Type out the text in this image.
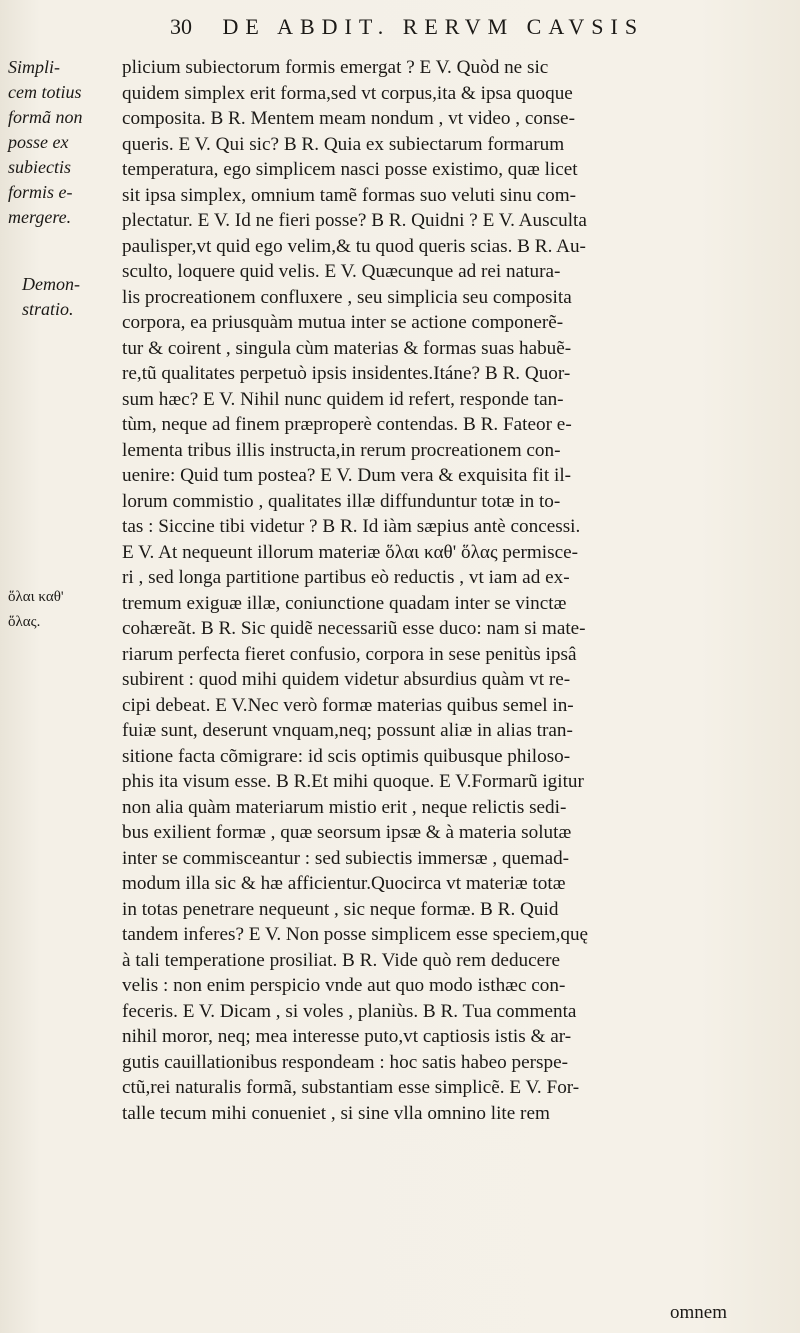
30 DE ABDIT. RERVM CAVSIS
Simpli-
cem totius
formã non
posse ex
subiectis
formis e-
mergere.
Demon-
stratio.
ὅλαι καθ'
ὅλας.
plicium subiectorum formis emergat ? E V. Quòd ne sic
quidem simplex erit forma,sed vt corpus,ita & ipsa quoque
composita. B R. Mentem meam nondum , vt video , conse-
queris. E V. Qui sic? B R. Quia ex subiectarum formarum
temperatura, ego simplicem nasci posse existimo, quæ licet
sit ipsa simplex, omnium tamẽ formas suo veluti sinu com-
plectatur. E V. Id ne fieri posse? B R. Quidni ? E V. Ausculta
paulisper,vt quid ego velim,& tu quod queris scias. B R. Au-
sculto, loquere quid velis. E V. Quæcunque ad rei natura-
lis procreationem confluxere , seu simplicia seu composita
corpora, ea priusquàm mutua inter se actione componerẽ-
tur & coirent , singula cùm materias & formas suas habuẽ-
re,tũ qualitates perpetuò ipsis insidentes.Itáne? B R. Quor-
sum hæc? E V. Nihil nunc quidem id refert, responde tan-
tùm, neque ad finem præproperè contendas. B R. Fateor e-
lementa tribus illis instructa,in rerum procreationem con-
uenire: Quid tum postea? E V. Dum vera & exquisita fit il-
lorum commistio , qualitates illæ diffunduntur totæ in to-
tas : Siccine tibi videtur ? B R. Id iàm sæpius antè concessi.
E V. At nequeunt illorum materiæ ὅλαι καθ' ὅλας permisce-
ri , sed longa partitione partibus eò reductis , vt iam ad ex-
tremum exiguæ illæ, coniunctione quadam inter se vinctæ
cohæreãt. B R. Sic quidẽ necessariũ esse duco: nam si mate-
riarum perfecta fieret confusio, corpora in sese penitùs ipsâ
subirent : quod mihi quidem videtur absurdius quàm vt re-
cipi debeat. E V.Nec verò formæ materias quibus semel in-
fuiæ sunt, deserunt vnquam,neq; possunt aliæ in alias tran-
sitione facta cõmigrare: id scis optimis quibusque philoso-
phis ita visum esse. B R.Et mihi quoque. E V.Formarũ igitur
non alia quàm materiarum mistio erit , neque relictis sedi-
bus exilient formæ , quæ seorsum ipsæ & à materia solutæ
inter se commisceantur : sed subiectis immersæ , quemad-
modum illa sic & hæ afficientur.Quocirca vt materiæ totæ
in totas penetrare nequeunt , sic neque formæ. B R. Quid
tandem inferes? E V. Non posse simplicem esse speciem,quę
à tali temperatione prosiliat. B R. Vide quò rem deducere
velis : non enim perspicio vnde aut quo modo isthæc con-
feceris. E V. Dicam , si voles , planiùs. B R. Tua commenta
nihil moror, neq; mea interesse puto,vt captiosis istis & ar-
gutis cauillationibus respondeam : hoc satis habeo perspe-
ctũ,rei naturalis formã, substantiam esse simplicẽ. E V. For-
talle tecum mihi conueniet , si sine vlla omnino lite rem
omnem
